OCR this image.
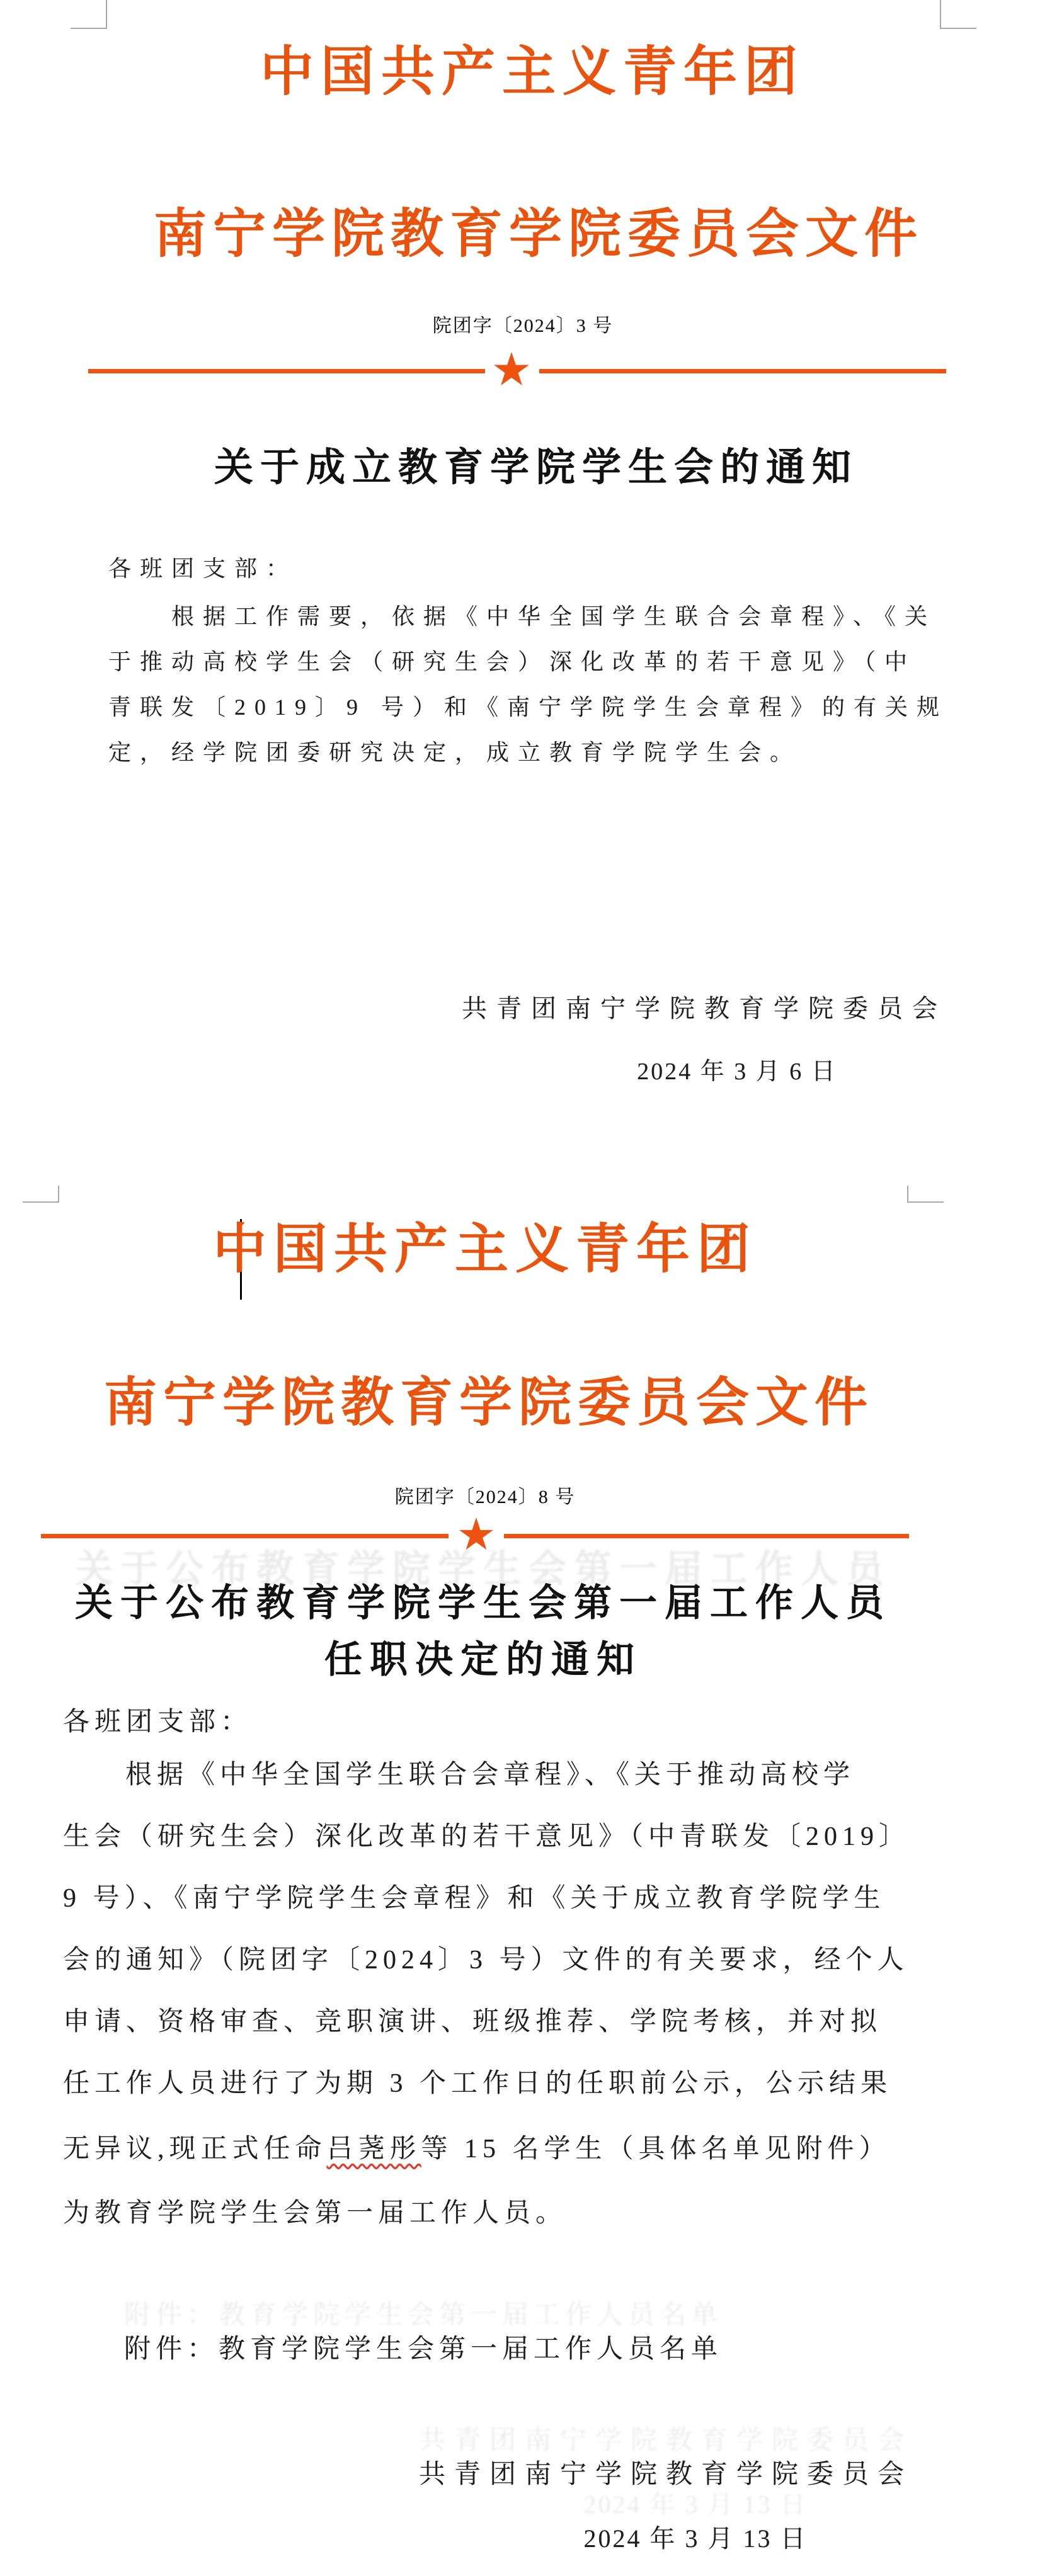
中国共产主义青年团
南宁学院教育学院委员会文件
院团字〔2024〕3 号
关于成立教育学院学生会的通知
各班团支部：
根据工作需要，依据《中华全国学生联合会章程》、《关
于推动高校学生会（研究生会）深化改革的若干意见》（中
青联发〔2019〕9 号）和《南宁学院学生会章程》的有关规
定，经学院团委研究决定，成立教育学院学生会。
共青团南宁学院教育学院委员会
2024 年 3 月 6 日
中国共产主义青年团
南宁学院教育学院委员会文件
院团字〔2024〕8 号
关于公布教育学院学生会第一届工作人员
任职决定的通知
各班团支部：
根据《中华全国学生联合会章程》、《关于推动高校学
生会（研究生会）深化改革的若干意见》（中青联发〔2019〕
9 号）、《南宁学院学生会章程》和《关于成立教育学院学生
会的通知》（院团字〔2024〕3 号）文件的有关要求，经个人
申请、资格审查、竞职演讲、班级推荐、学院考核，并对拟
任工作人员进行了为期 3 个工作日的任职前公示，公示结果
无异议,现正式任命吕荛彤等 15 名学生（具体名单见附件）
为教育学院学生会第一届工作人员。
附件：教育学院学生会第一届工作人员名单
共青团南宁学院教育学院委员会
2024 年 3 月 13 日
